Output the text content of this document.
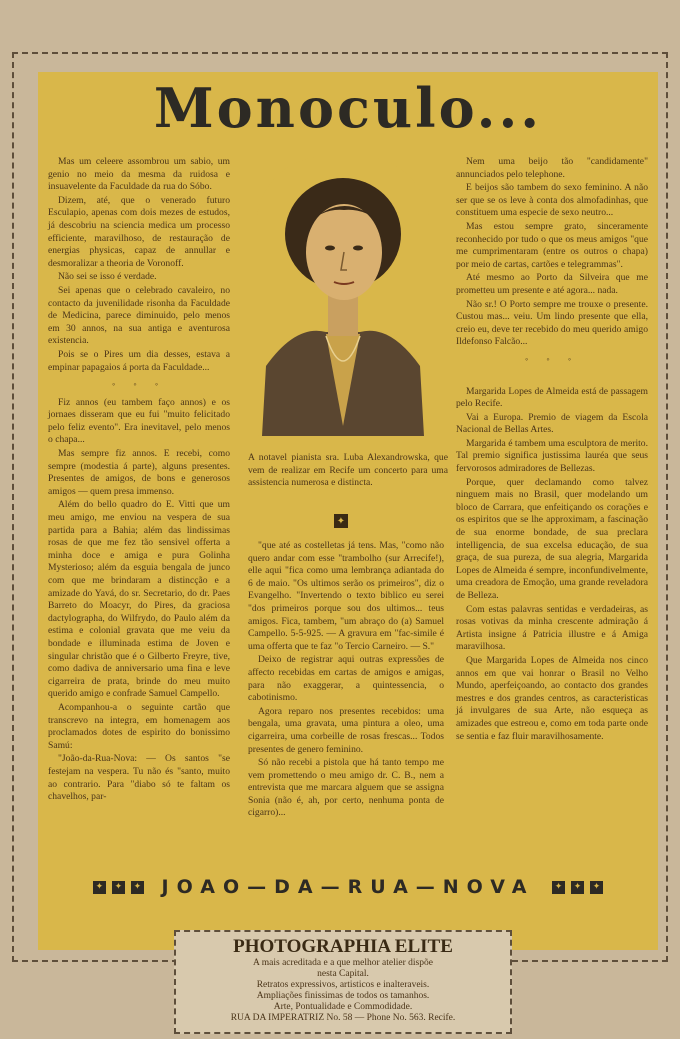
Monoculo...

Mas um celeere assombrou um sabio, um genio no meio da mesma da ruidosa e insuavelente da Faculdade da rua do Sóbo.

Dizem, até, que o venerado futuro Esculapio, apenas com dois mezes de estudos, já descobriu na sciencia medica um processo efficiente, maravilhoso, de restauração de energias physicas, capaz de annullar e desmoralizar a theoria de Voronoff.

Não sei se isso é verdade.

Sei apenas que o celebrado cavaleiro, no contacto da juvenilidade risonha da Faculdade de Medicina, parece diminuido, pelo menos em 30 annos, na sua antiga e aventurosa existencia.

Pois se o Pires um dia desses, estava a empinar papagaios á porta da Faculdade...

◦ ◦ ◦

Fiz annos (eu tambem faço annos) e os jornaes disseram que eu fui "muito felicitado pelo feliz evento". Era inevitavel, pelo menos o chapa...

Mas sempre fiz annos. E recebi, como sempre (modestia á parte), alguns presentes. Presentes de amigos, de bons e generosos amigos — quem presa immenso.

Além do bello quadro do E. Vitti que um meu amigo, me enviou na vespera de sua partida para a Bahia; além das lindissimas rosas de que me fez tão sensivel offerta a minha doce e amiga e pura Golinha Mysterioso; além da esguia bengala de junco com que me brindaram a distincção e a amizade do Yavá, do sr. Secretario, do dr. Paes Barreto do Moacyr, do Pires, da graciosa dactylographa, do Wilfrydo, do Paulo além da estima e colonial gravata que me veiu da bondade e illuminada estima de Joven e singular christão que é o Gilberto Freyre, tive, como dadiva de anniversario uma fina e leve cigarreira de prata, brinde do meu muito querido amigo e confrade Samuel Campello.

Acompanhou-a o seguinte cartão que transcrevo na integra, em homenagem aos proclamados dotes de espirito do bonissimo Samú:

"João-da-Rua-Nova: — Os santos "se festejam na vespera. Tu não és "santo, muito ao contrario. Para "diabo só te faltam os chavelhos, par-

A notavel pianista sra. Luba Alexandrowska, que vem de realizar em Recife um concerto para uma assistencia numerosa e distincta.
✦

"que até as costelletas já tens. Mas, "como não quero andar com esse "trambolho (sur Arrecife!), elle aqui "fica como uma lembrança adiantada do 6 de maio. "Os ultimos serão os primeiros", diz o Evangelho. "Invertendo o texto biblico eu serei "dos primeiros porque sou dos ultimos... teus amigos. Fica, tambem, "um abraço do (a) Samuel Campello. 5-5-925. — A gravura em "fac-simile é uma offerta que te faz "o Tercio Carneiro. — S."

Deixo de registrar aqui outras expressões de affecto recebidas em cartas de amigos e amigas, para não exaggerar, a quintessencia, o cabotinismo.

Agora reparo nos presentes recebidos: uma bengala, uma gravata, uma pintura a oleo, uma cigarreira, uma corbeille de rosas frescas... Todos presentes de genero feminino.

Só não recebi a pistola que há tanto tempo me vem promettendo o meu amigo dr. C. B., nem a entrevista que me marcara alguem que se assigna Sonia (não é, ah, por certo, nenhuma ponta de cigarro)...

Nem uma beijo tão "candidamente" annunciados pelo telephone.

E beijos são tambem do sexo feminino. A não ser que se os leve à conta dos almofadinhas, que constituem uma especie de sexo neutro...

Mas estou sempre grato, sinceramente reconhecido por tudo o que os meus amigos "que me cumprimentaram (entre os outros o chapa) por meio de cartas, cartões e telegrammas".

Até mesmo ao Porto da Silveira que me prometteu um presente e até agora... nada.

Não sr.! O Porto sempre me trouxe o presente. Custou mas... veiu. Um lindo presente que ella, creio eu, deve ter recebido do meu querido amigo Ildefonso Falcão...

◦ ◦ ◦

Margarida Lopes de Almeida está de passagem pelo Recife.

Vai a Europa. Premio de viagem da Escola Nacional de Bellas Artes.

Margarida é tambem uma esculptora de merito. Tal premio significa justissima lauréa que seus fervorosos admiradores de Bellezas.

Porque, quer declamando como talvez ninguem mais no Brasil, quer modelando um bloco de Carrara, que enfeitiçando os corações e os espiritos que se lhe approximam, a fascinação de sua enorme bondade, de sua preclara intelligencia, de sua excelsa educação, de sua graça, de sua pureza, de sua alegria, Margarida Lopes de Almeida é sempre, inconfundivelmente, uma creadora de Emoção, uma grande reveladora de Belleza.

Com estas palavras sentidas e verdadeiras, as rosas votivas da minha crescente admiração á Artista insigne á Patricia illustre e á Amiga maravilhosa.

Que Margarida Lopes de Almeida nos cinco annos em que vai honrar o Brasil no Velho Mundo, aperfeiçoando, ao contacto dos grandes mestres e dos grandes centros, as caracteristicas já invulgares de sua Arte, não esqueça as amizades que estreou e, como em toda parte onde se sentia e faz fluir maravilhosamente.

✦ ✦ ✦ JOAO—DA—RUA—NOVA ✦ ✦ ✦
PHOTOGRAPHIA ELITE
A mais acreditada e a que melhor atelier dispõe
nesta Capital.
Retratos expressivos, artisticos e inalteraveis.
Ampliações finissimas de todos os tamanhos.
Arte, Pontualidade e Commodidade.
RUA DA IMPERATRIZ No. 58 — Phone No. 563. Recife.
